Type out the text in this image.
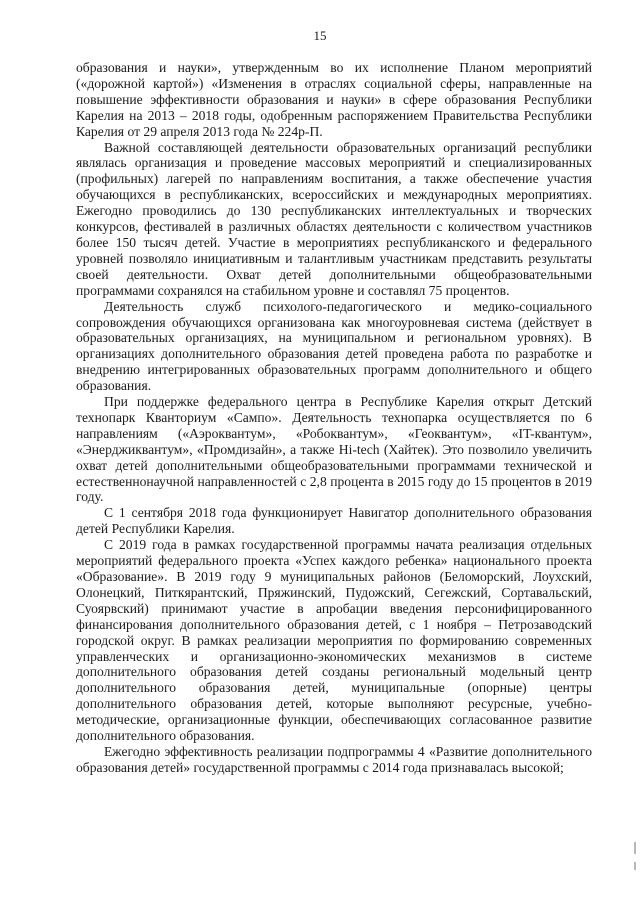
15

образования и науки», утвержденным во их исполнение Планом мероприятий («дорожной картой») «Изменения в отраслях социальной сферы, направленные на повышение эффективности образования и науки» в сфере образования Республики Карелия на 2013 – 2018 годы, одобренным распоряжением Правительства Республики Карелия от 29 апреля 2013 года № 224р-П.

Важной составляющей деятельности образовательных организаций республики являлась организация и проведение массовых мероприятий и специализированных (профильных) лагерей по направлениям воспитания, а также обеспечение участия обучающихся в республиканских, всероссийских и международных мероприятиях. Ежегодно проводились до 130 республиканских интеллектуальных и творческих конкурсов, фестивалей в различных областях деятельности с количеством участников более 150 тысяч детей. Участие в мероприятиях республиканского и федерального уровней позволяло инициативным и талантливым участникам представить результаты своей деятельности. Охват детей дополнительными общеобразовательными программами сохранялся на стабильном уровне и составлял 75 процентов.

Деятельность служб психолого-педагогического и медико-социального сопровождения обучающихся организована как многоуровневая система (действует в образовательных организациях, на муниципальном и региональном уровнях). В организациях дополнительного образования детей проведена работа по разработке и внедрению интегрированных образовательных программ дополнительного и общего образования.

При поддержке федерального центра в Республике Карелия открыт Детский технопарк Кванториум «Сампо». Деятельность технопарка осуществляется по 6 направлениям («Аэроквантум», «Робоквантум», «Геоквантум», «IT-квантум», «Энерджиквантум», «Промдизайн», а также Hi-tech (Хайтек). Это позволило увеличить охват детей дополнительными общеобразовательными программами технической и естественнонаучной направленностей с 2,8 процента в 2015 году до 15 процентов в 2019 году.

С 1 сентября 2018 года функционирует Навигатор дополнительного образования детей Республики Карелия.

С 2019 года в рамках государственной программы начата реализация отдельных мероприятий федерального проекта «Успех каждого ребенка» национального проекта «Образование». В 2019 году 9 муниципальных районов (Беломорский, Лоухский, Олонецкий, Питкярантский, Пряжинский, Пудожский, Сегежский, Сортавальский, Суоярвский) принимают участие в апробации введения персонифицированного финансирования дополнительного образования детей, с 1 ноября – Петрозаводский городской округ. В рамках реализации мероприятия по формированию современных управленческих и организационно-экономических механизмов в системе дополнительного образования детей созданы региональный модельный центр дополнительного образования детей, муниципальные (опорные) центры дополнительного образования детей, которые выполняют ресурсные, учебно-методические, организационные функции, обеспечивающих согласованное развитие дополнительного образования.

Ежегодно эффективность реализации подпрограммы 4 «Развитие дополнительного образования детей» государственной программы с 2014 года признавалась высокой;
